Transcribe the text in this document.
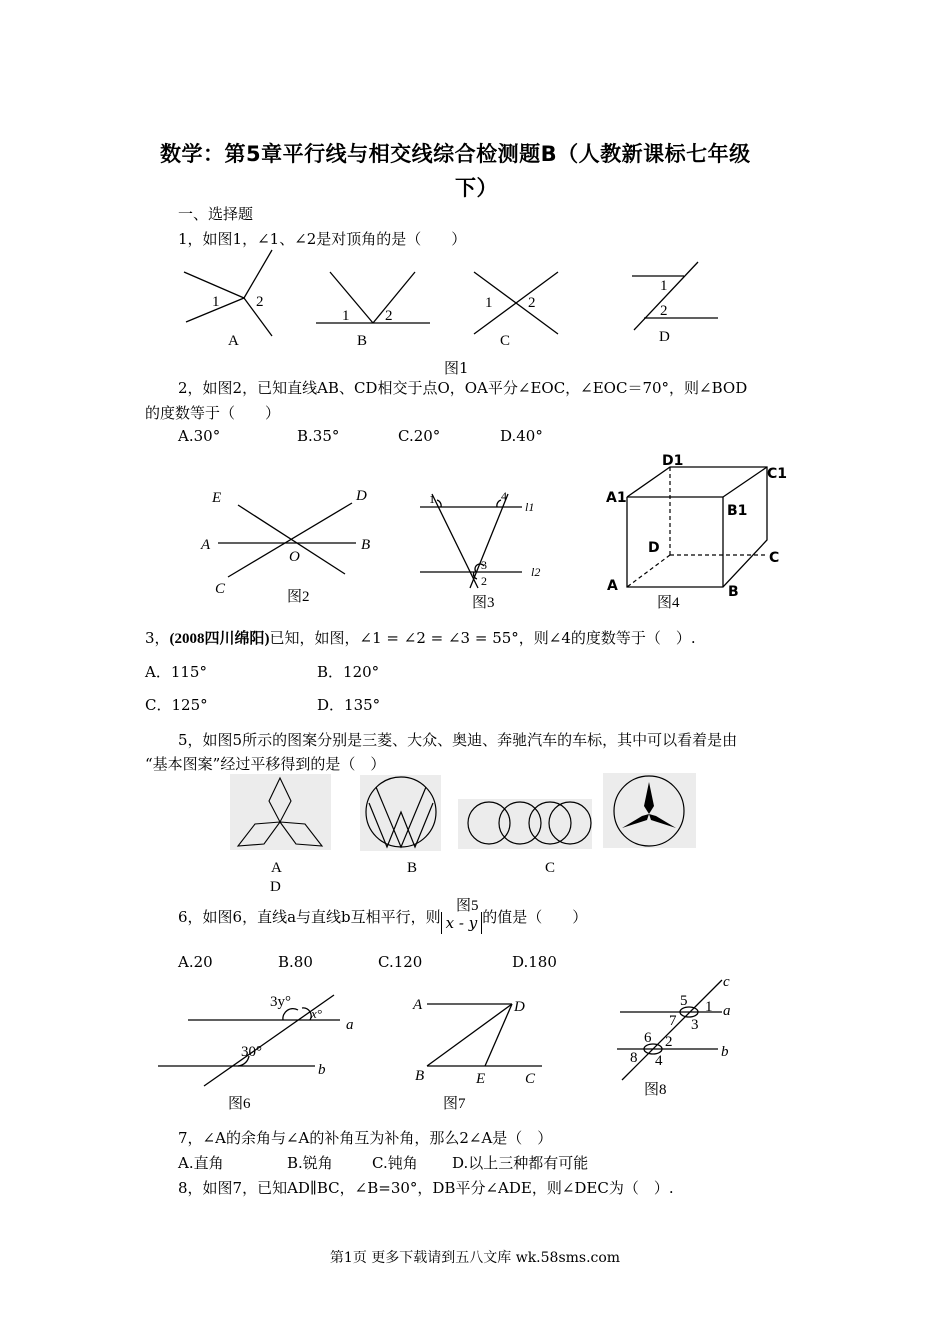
数学：第5章平行线与相交线综合检测题B（人教新课标七年级
下）
一、选择题
1，如图1，∠1、∠2是对顶角的是（　　）
1 2
1 2
1 2
1
2
A	B	C	D
图1
2，如图2，已知直线AB、CD相交于点O，OA平分∠EOC，∠EOC＝70°，则∠BOD
的度数等于（　　）
A.30°	B.35°	C.20°	D.40°
E	D
A
O
B
C	图2
1	4
l1
3
2
l2
图3
D1
C1
A1
B1
D
C
A	B
图4
3，(2008四川绵阳)已知，如图，∠1 = ∠2 = ∠3 = 55°，则∠4的度数等于（　）.
A．115°	B．120°
C．125°	D．135°
5，如图5所示的图案分别是三菱、大众、奥迪、奔驰汽车的车标，其中可以看着是由
“基本图案”经过平移得到的是（　）
A	B	C
D
图5
6，如图6，直线a与直线b互相平行，则 x - y 的值是（　　）
A.20	B.80	C.120	D.180
3y°
x°
a
30°
b
图6
A	D
B	E	C
图7
c
5 1 a
7 3
6 2
8 4
b
图8
7，∠A的余角与∠A的补角互为补角，那么2∠A是（　）
A.直角	B.锐角	C.钝角 D.以上三种都有可能
8，如图7，已知AD∥BC，∠B=30°，DB平分∠ADE，则∠DEC为（　）.
第1页 更多下载请到五八文库 wk.58sms.com
